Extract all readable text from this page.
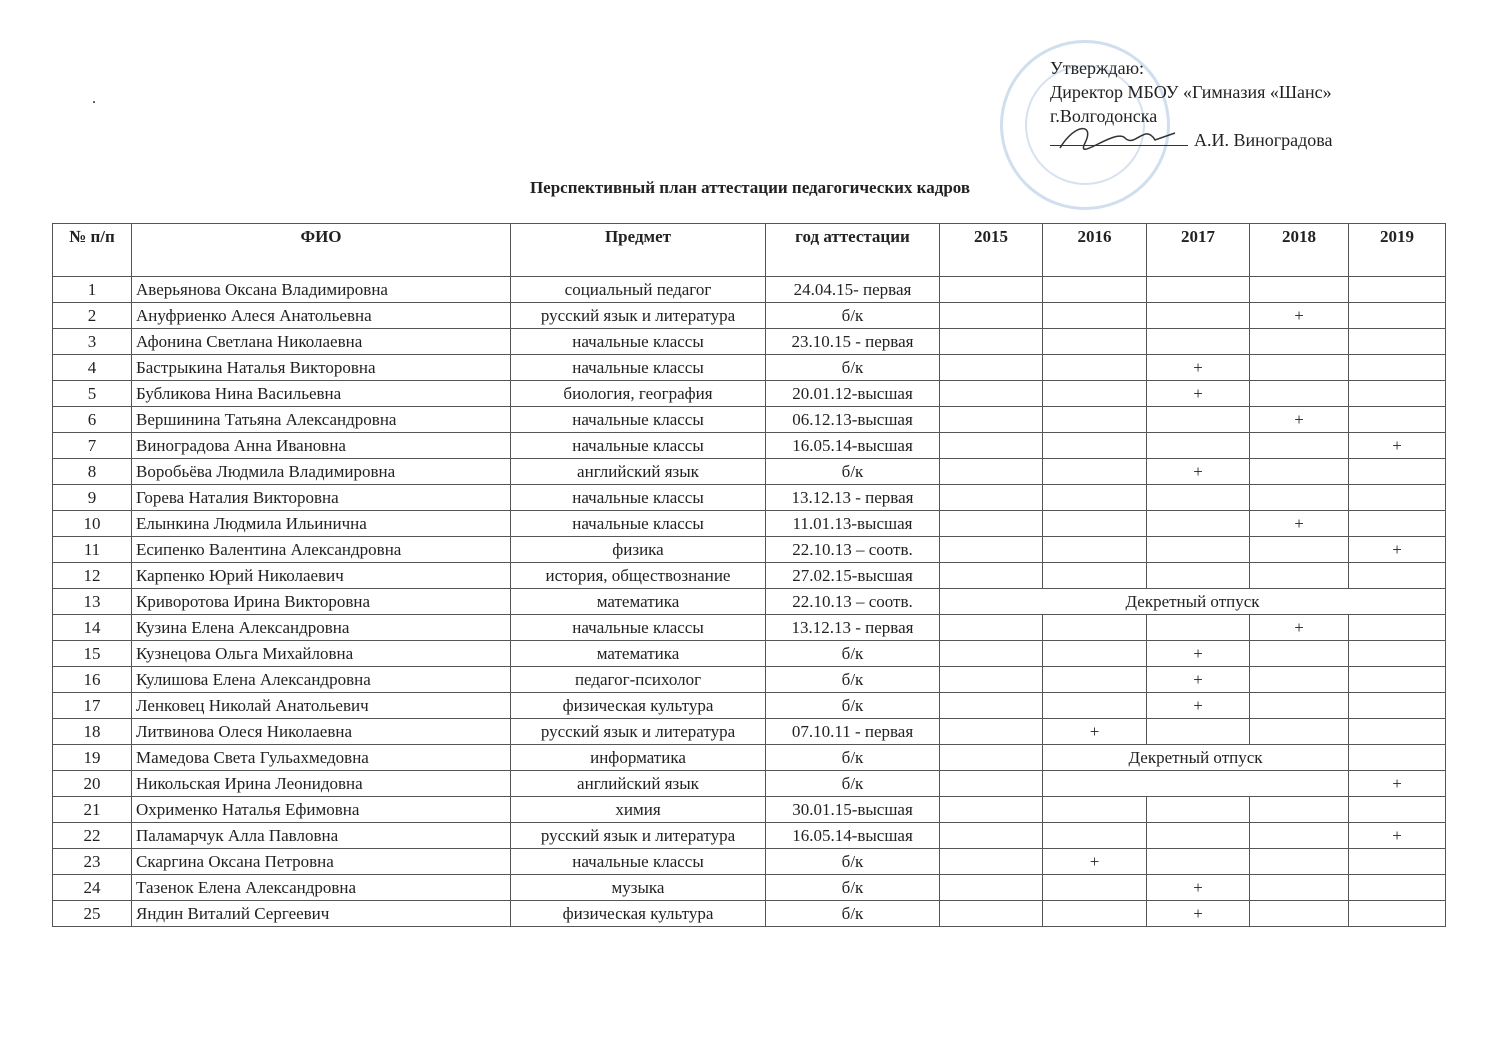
.
Утверждаю:
Директор МБОУ «Гимназия «Шанс»
г.Волгодонска
А.И. Виноградова
Перспективный план аттестации педагогических кадров
№ п/п	ФИО	Предмет	год аттестации	2015	2016	2017	2018	2019
1	Аверьянова Оксана Владимировна	социальный педагог	24.04.15- первая					
2	Ануфриенко Алеся Анатольевна	русский язык и литература	б/к				+	
3	Афонина Светлана Николаевна	начальные классы	23.10.15 - первая					
4	Бастрыкина Наталья Викторовна	начальные классы	б/к			+		
5	Бубликова Нина Васильевна	биология, география	20.01.12-высшая			+		
6	Вершинина Татьяна Александровна	начальные классы	06.12.13-высшая				+	
7	Виноградова Анна Ивановна	начальные классы	16.05.14-высшая					+
8	Воробьёва Людмила Владимировна	английский язык	б/к			+		
9	Горева Наталия Викторовна	начальные классы	13.12.13 - первая					
10	Елынкина Людмила Ильинична	начальные классы	11.01.13-высшая				+	
11	Есипенко Валентина Александровна	физика	22.10.13 – соотв.					+
12	Карпенко Юрий Николаевич	история, обществознание	27.02.15-высшая					
13	Криворотова Ирина Викторовна	математика	22.10.13 – соотв.	Декретный отпуск				
14	Кузина Елена Александровна	начальные классы	13.12.13 - первая				+	
15	Кузнецова Ольга Михайловна	математика	б/к			+		
16	Кулишова Елена Александровна	педагог-психолог	б/к			+		
17	Ленковец Николай Анатольевич	физическая культура	б/к			+		
18	Литвинова Олеся Николаевна	русский язык и литература	07.10.11 - первая		+			
19	Мамедова Света Гульахмедовна	информатика	б/к		Декретный отпуск			
20	Никольская Ирина Леонидовна	английский язык	б/к					+
21	Охрименко Наталья Ефимовна	химия	30.01.15-высшая					
22	Паламарчук Алла Павловна	русский язык и литература	16.05.14-высшая					+
23	Скаргина Оксана Петровна	начальные классы	б/к		+			
24	Тазенок Елена Александровна	музыка	б/к			+		
25	Яндин Виталий Сергеевич	физическая культура	б/к			+		
